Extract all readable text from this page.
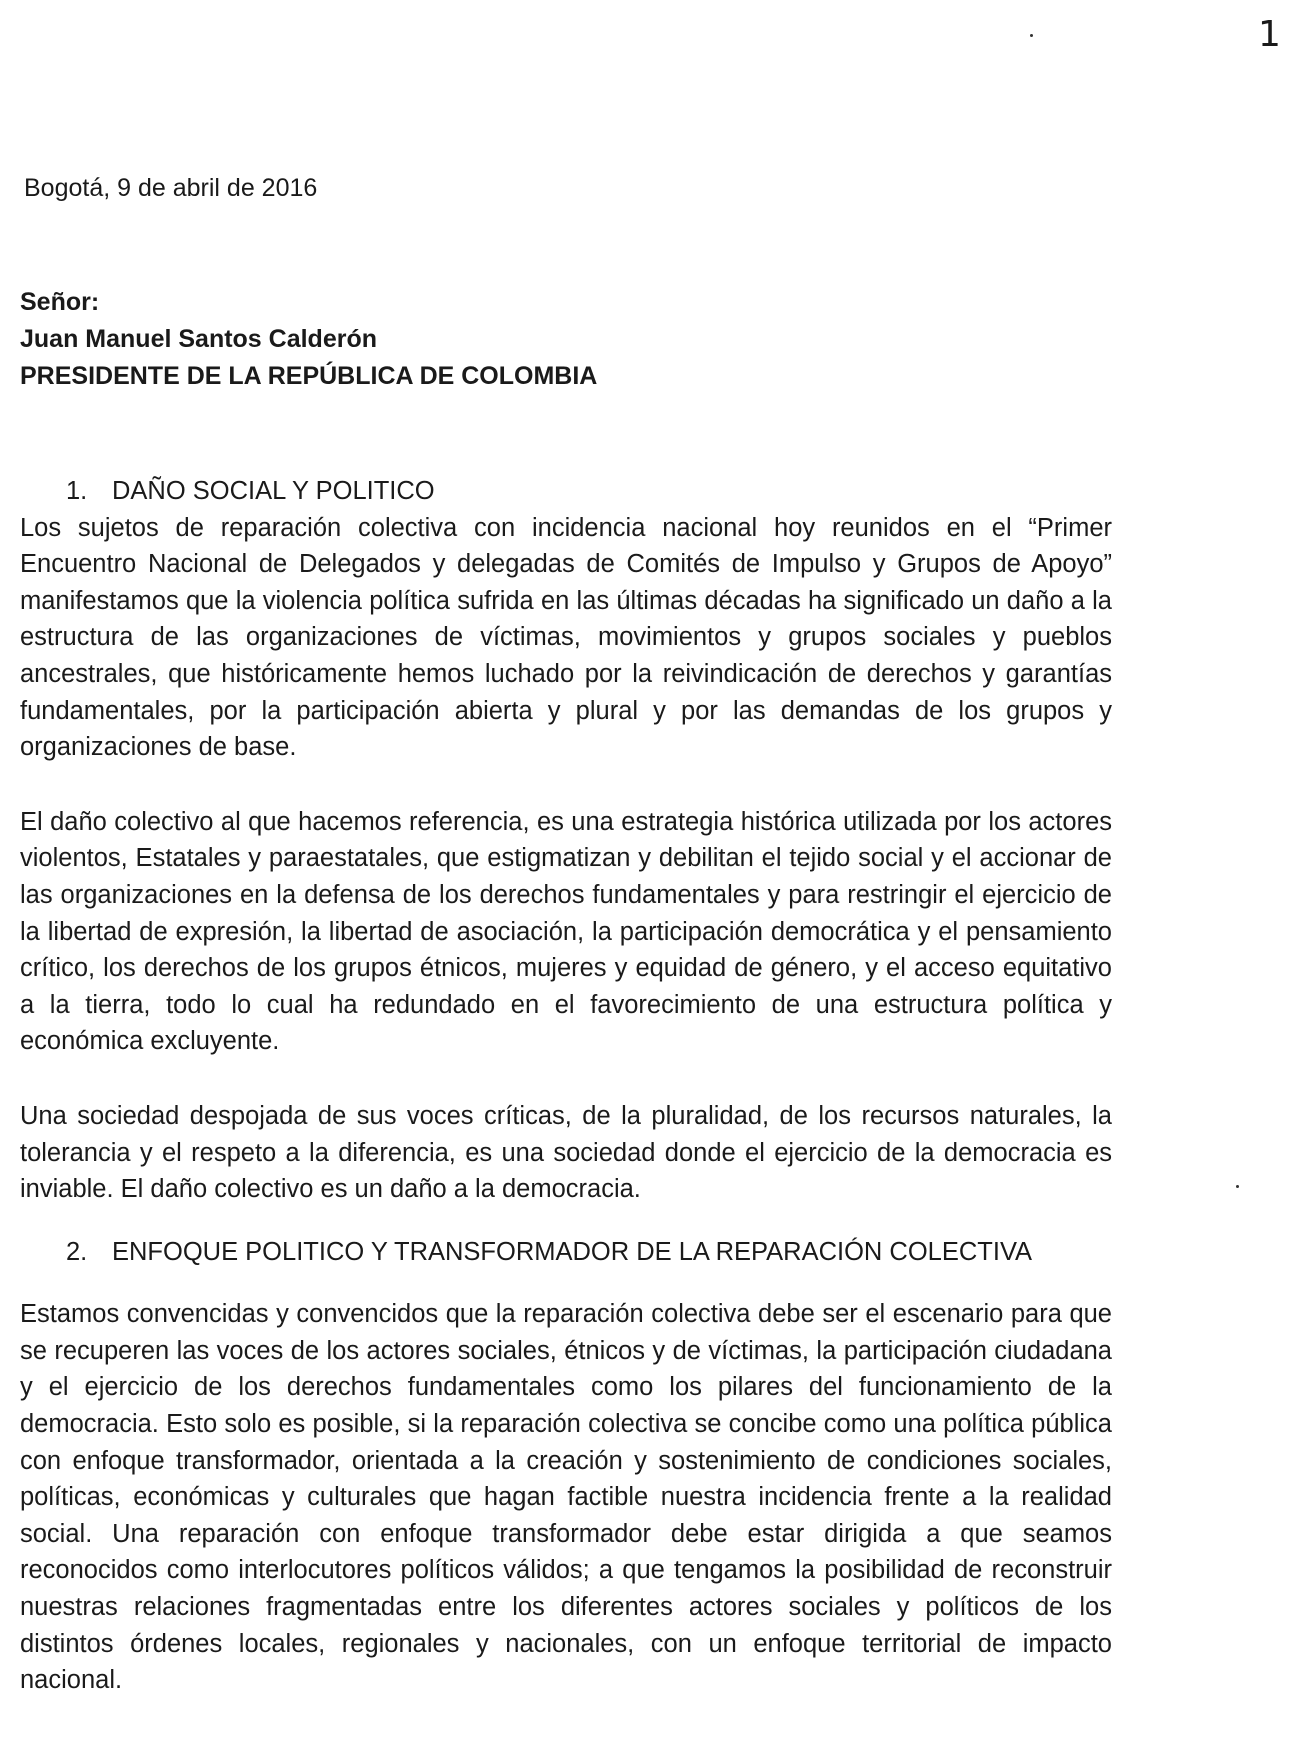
1
Bogotá, 9 de abril de 2016
Señor:
Juan Manuel Santos Calderón
PRESIDENTE DE LA REPÚBLICA DE COLOMBIA
1. DAÑO SOCIAL Y POLITICO

Los sujetos de reparación colectiva con incidencia nacional hoy reunidos en el “Primer Encuentro Nacional de Delegados y delegadas de Comités de Impulso y Grupos de Apoyo” manifestamos que la violencia política sufrida en las últimas décadas ha significado un daño a la estructura de las organizaciones de víctimas, movimientos y grupos sociales y pueblos ancestrales, que históricamente hemos luchado por la reivindicación de derechos y garantías fundamentales, por la participación abierta y plural y por las demandas de los grupos y organizaciones de base.

El daño colectivo al que hacemos referencia, es una estrategia histórica utilizada por los actores violentos, Estatales y paraestatales, que estigmatizan y debilitan el tejido social y el accionar de las organizaciones en la defensa de los derechos fundamentales y para restringir el ejercicio de la libertad de expresión, la libertad de asociación, la participación democrática y el pensamiento crítico, los derechos de los grupos étnicos, mujeres y equidad de género, y el acceso equitativo a la tierra, todo lo cual ha redundado en el favorecimiento de una estructura política y económica excluyente.

Una sociedad despojada de sus voces críticas, de la pluralidad, de los recursos naturales, la tolerancia y el respeto a la diferencia, es una sociedad donde el ejercicio de la democracia es inviable. El daño colectivo es un daño a la democracia.

2. ENFOQUE POLITICO Y TRANSFORMADOR DE LA REPARACIÓN COLECTIVA

Estamos convencidas y convencidos que la reparación colectiva debe ser el escenario para que se recuperen las voces de los actores sociales, étnicos y de víctimas, la participación ciudadana y el ejercicio de los derechos fundamentales como los pilares del funcionamiento de la democracia. Esto solo es posible, si la reparación colectiva se concibe como una política pública con enfoque transformador, orientada a la creación y sostenimiento de condiciones sociales, políticas, económicas y culturales que hagan factible nuestra incidencia frente a la realidad social. Una reparación con enfoque transformador debe estar dirigida a que seamos reconocidos como interlocutores políticos válidos; a que tengamos la posibilidad de reconstruir nuestras relaciones fragmentadas entre los diferentes actores sociales y políticos de los distintos órdenes locales, regionales y nacionales, con un enfoque territorial de impacto nacional.
